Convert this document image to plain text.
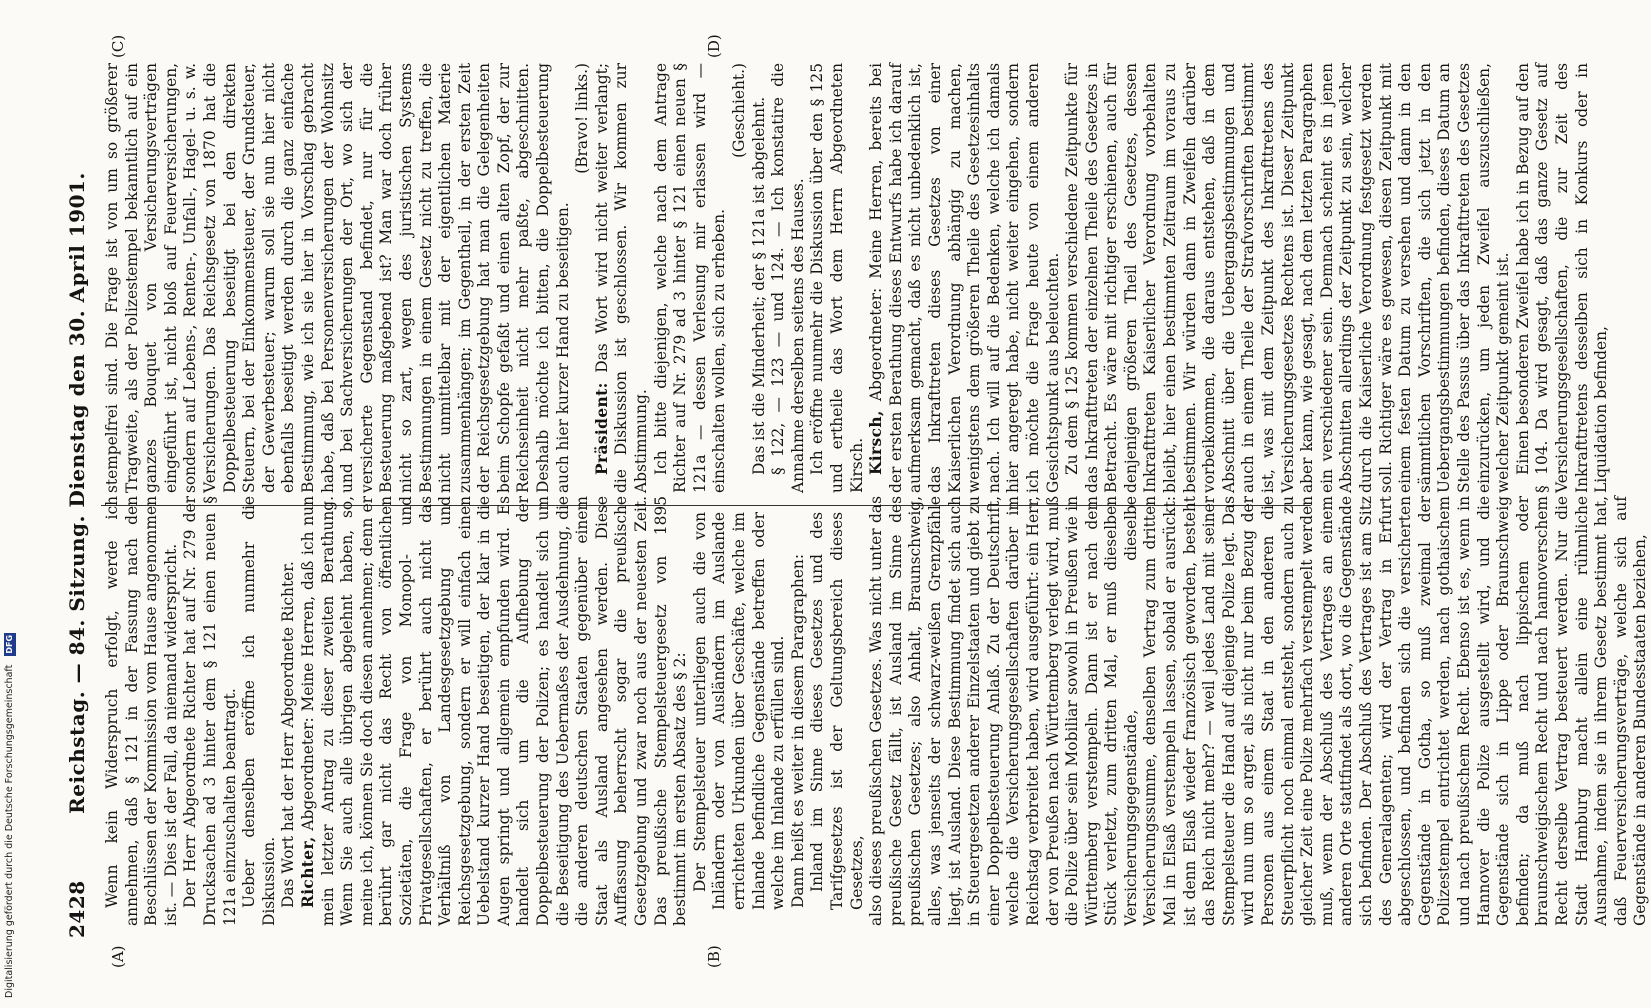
Digitalisierung gefördert durch die Deutsche Forschungsgemeinschaft DFG
2428
Reichstag. — 84. Sitzung. Dienstag den 30. April 1901.
(A)	(B)
(C)	(D)

Wenn kein Widerspruch erfolgt, werde ich annehmen, daß § 121 in der Fassung nach den Beschlüssen der Kommission vom Hause angenommen ist. — Dies ist der Fall, da niemand widerspricht. Der Herr Abgeordnete Richter hat auf Nr. 279 der Drucksachen ad 3 hinter dem § 121 einen neuen § 121a einzuschalten beantragt. Ueber denselben eröffne ich nunmehr die Diskussion. Das Wort hat der Herr Abgeordnete Richter. Richter, Abgeordneter: Meine Herren, daß ich nun mein letzter Antrag zu dieser zweiten Berathung. Wenn Sie auch alle übrigen abgelehnt haben, so, meine ich, können Sie doch diesen annehmen; denn er berührt gar nicht das Recht von öffentlichen Sozietäten, die Frage von Monopol- und Privatgesellschaften, er berührt auch nicht das Verhältniß von Landesgesetzgebung und Reichsgesetzgebung, sondern er will einfach einen Uebelstand kurzer Hand beseitigen, der klar in die Augen springt und allgemein empfunden wird. Es handelt sich um die Aufhebung der Doppelbesteuerung der Polizen; es handelt sich um die Beseitigung des Uebermaßes der Ausdehnung, die die anderen deutschen Staaten gegenüber einem Staat als Ausland angesehen werden. Diese Auffassung beherrscht sogar die preußische Gesetzgebung und zwar noch aus der neuesten Zeit. Das preußische Stempelsteuergesetz von 1895 bestimmt im ersten Absatz des § 2: Der Stempelsteuer unterliegen auch die von Inländern oder von Ausländern im Auslande errichteten Urkunden über Geschäfte, welche im Inlande befindliche Gegenstände betreffen oder welche im Inlande zu erfüllen sind. Dann heißt es weiter in diesem Paragraphen: Inland im Sinne dieses Gesetzes und des Tarifgesetzes ist der Geltungsbereich dieses Gesetzes, also dieses preußischen Gesetzes. Was nicht unter das preußische Gesetz fällt, ist Ausland im Sinne des preußischen Gesetzes; also Anhalt, Braunschweig, alles, was jenseits der schwarz-weißen Grenzpfähle liegt, ist Ausland. Diese Bestimmung findet sich auch in Steuergesetzen anderer Einzelstaaten und giebt zu einer Doppelbesteuerung Anlaß. Zu der Deutschrift, welche die Versicherungsgesellschaften darüber im Reichstag verbreitet haben, wird ausgeführt: ein Herr, der von Preußen nach Württemberg verlegt wird, muß die Polize über sein Mobiliar sowohl in Preußen wie in Württemberg verstempeln. Dann ist er nach dem Stück verletzt, zum dritten Mal, er muß dieselben Versicherungsgegenstände, dieselbe Versicherungssumme, denselben Vertrag zum dritten Mal in Elsaß verstempeln lassen, sobald er ausrückt: ist denn Elsaß wieder französisch geworden, besteht das Reich nicht mehr? — weil jedes Land mit seiner Stempelsteuer die Hand auf diejenige Polize legt. Das wird nun um so arger, als nicht nur beim Bezug der Personen aus einem Staat in den anderen die Steuerpflicht noch einmal entsteht, sondern auch zu gleicher Zeit eine Polize mehrfach verstempelt werden muß, wenn der Abschluß des Vertrages an einem anderen Orte stattfindet als dort, wo die Gegenstände sich befinden. Der Abschluß des Vertrages ist am Sitz des Generalagenten; wird der Vertrag in Erfurt abgeschlossen, und befinden sich die versicherten Gegenstände in Gotha, so muß zweimal der Polizestempel entrichtet werden, nach gothaischem und nach preußischem Recht. Ebenso ist es, wenn in Hannover die Polize ausgestellt wird, und die Gegenstände sich in Lippe oder Braunschweig befinden; da muß nach lippischem oder braunschweigischem Recht und nach hannoverschem Recht derselbe Vertrag besteuert werden. Nur die Stadt Hamburg macht allein eine rühmliche Ausnahme, indem sie in ihrem Gesetz bestimmt hat, daß Feuerversicherungsverträge, welche sich auf Gegenstände in anderen Bundesstaaten beziehen,

stempelfrei sind. Die Frage ist von um so größerer Tragweite, als der Polizestempel bekanntlich auf ein ganzes Bouquet von Versicherungsverträgen eingeführt ist, nicht bloß auf Feuerversicherungen, sondern auf Lebens-, Renten-, Unfall-, Hagel- u. s. w. Versicherungen. Das Reichsgesetz von 1870 hat die Doppelbesteuerung beseitigt bei den direkten Steuern, bei der Einkommensteuer, der Grundsteuer, der Gewerbesteuer; warum soll sie nun hier nicht ebenfalls beseitigt werden durch die ganz einfache Bestimmung, wie ich sie hier in Vorschlag gebracht habe, daß bei Personenversicherungen der Wohnsitz und bei Sachversicherungen der Ort, wo sich der versicherte Gegenstand befindet, nur für die Besteuerung maßgebend ist? Man war doch früher nicht so zart, wegen des juristischen Systems Bestimmungen in einem Gesetz nicht zu treffen, die nicht unmittelbar mit der eigentlichen Materie zusammenhängen; im Gegentheil, in der ersten Zeit der Reichsgesetzgebung hat man die Gelegenheiten beim Schopfe gefaßt und einen alten Zopf, der zur Reichseinheit nicht mehr paßte, abgeschnitten. Deshalb möchte ich bitten, die Doppelbesteuerung auch hier kurzer Hand zu beseitigen.

(Bravo! links.)

Präsident: Das Wort wird nicht weiter verlangt; die Diskussion ist geschlossen. Wir kommen zur Abstimmung. Ich bitte diejenigen, welche nach dem Antrage Richter auf Nr. 279 ad 3 hinter § 121 einen neuen § 121a — dessen Verlesung mir erlassen wird — einschalten wollen, sich zu erheben.

(Geschieht.) Das ist die Minderheit; der § 121a ist abgelehnt. § 122, — 123 — und 124. — Ich konstatire die Annahme derselben seitens des Hauses. Ich eröffne nunmehr die Diskussion über den § 125 und ertheile das Wort dem Herrn Abgeordneten Kirsch. Kirsch, Abgeordneter: Meine Herren, bereits bei der ersten Berathung dieses Entwurfs habe ich darauf aufmerksam gemacht, daß es nicht unbedenklich ist, das Inkrafttreten dieses Gesetzes von einer Kaiserlichen Verordnung abhängig zu machen, wenigstens dem größeren Theile des Gesetzesinhalts nach. Ich will auf die Bedenken, welche ich damals hier angeregt habe, nicht weiter eingehen, sondern ich möchte die Frage heute von einem anderen Gesichtspunkt aus beleuchten. Zu dem § 125 kommen verschiedene Zeitpunkte für das Inkrafttreten der einzelnen Theile des Gesetzes in Betracht. Es wäre mit richtiger erschienen, auch für denjenigen größeren Theil des Gesetzes, dessen Inkrafttreten Kaiserlicher Verordnung vorbehalten bleibt, hier einen bestimmten Zeitraum im voraus zu bestimmen. Wir würden dann in Zweifeln darüber vorbeikommen, die daraus entstehen, daß in dem Abschnitt über die Uebergangsbestimmungen und auch in einem Theile der Strafvorschriften bestimmt ist, was mit dem Zeitpunkt des Inkrafttretens des Versicherungsgesetzes Rechtens ist. Dieser Zeitpunkt aber kann, wie gesagt, nach dem letzten Paragraphen ein verschiedener sein. Demnach scheint es in jenen Abschnitten allerdings der Zeitpunkt zu sein, welcher durch die Kaiserliche Verordnung festgesetzt werden soll. Richtiger wäre es gewesen, diesen Zeitpunkt mit einem festen Datum zu versehen und dann in den sämmtlichen Vorschriften, die sich jetzt in den Uebergangsbestimmungen befinden, dieses Datum an Stelle des Passus über das Inkrafttreten des Gesetzes einzurücken, um jeden Zweifel auszuschließen, welcher Zeitpunkt gemeint ist. Einen besonderen Zweifel habe ich in Bezug auf den § 104. Da wird gesagt, daß das ganze Gesetz auf Versicherungsgesellschaften, die zur Zeit des Inkrafttretens desselben sich in Konkurs oder in Liquidation befinden,
